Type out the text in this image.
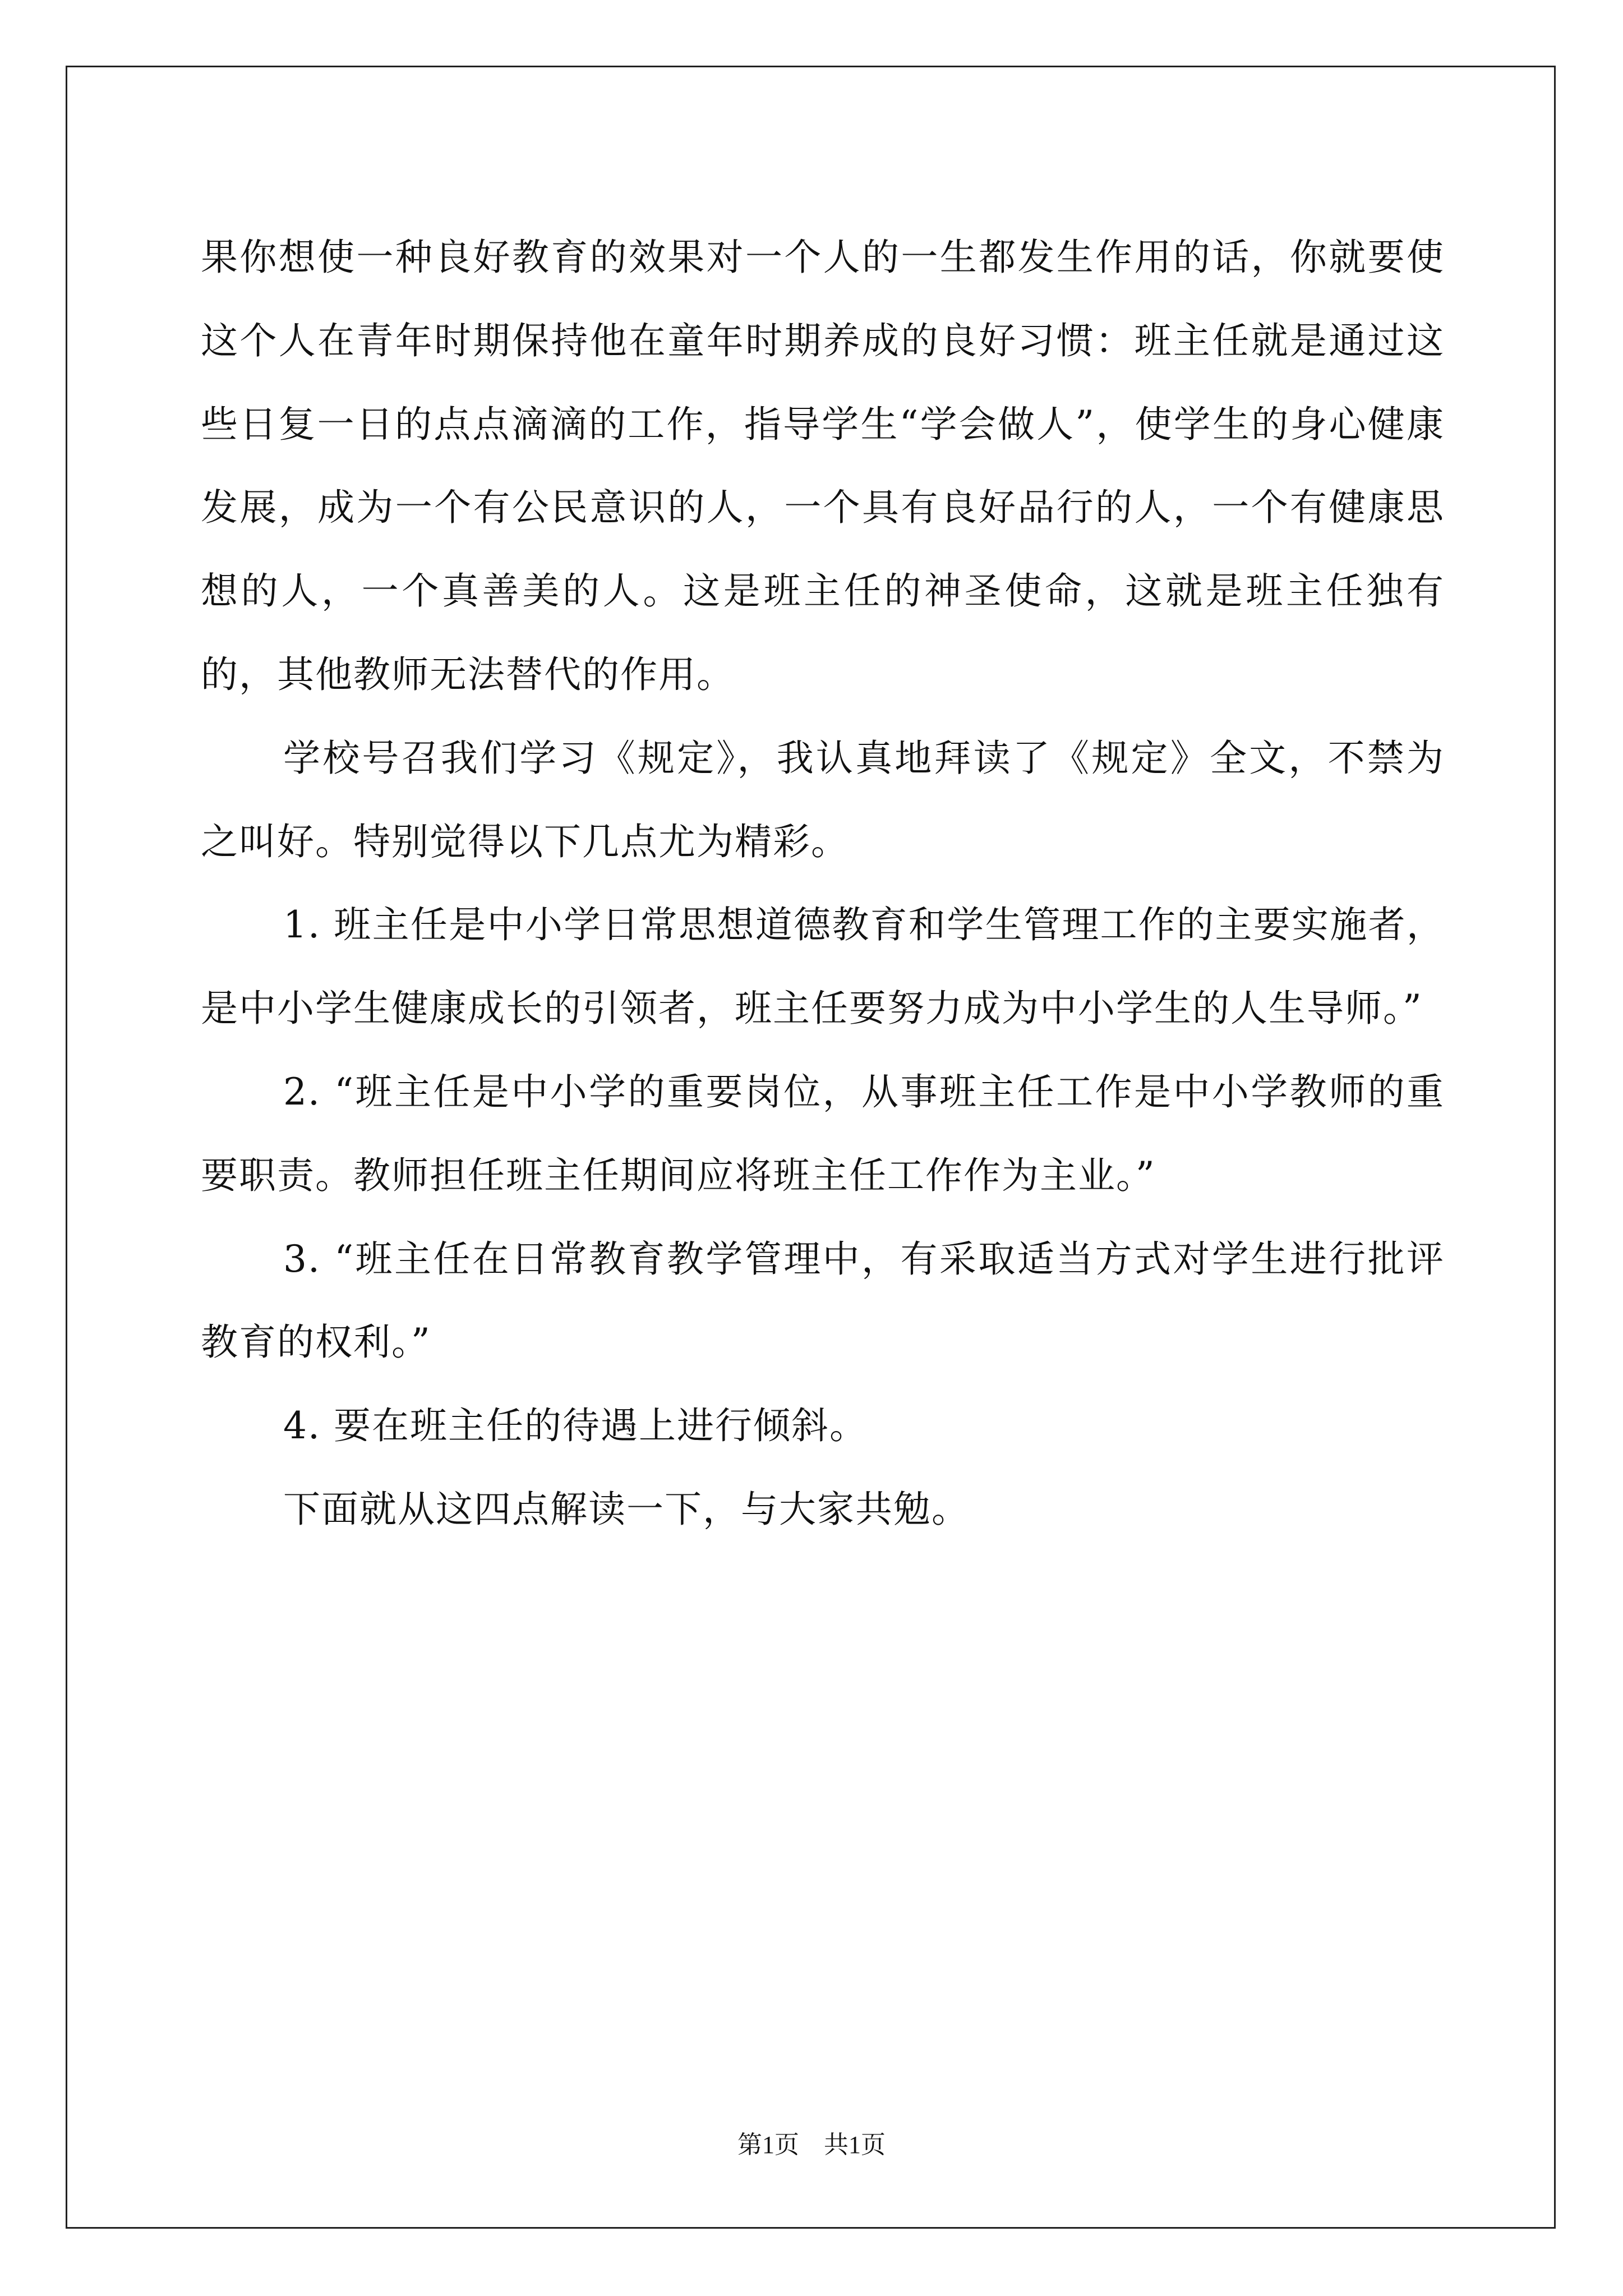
果你想使一种良好教育的效果对一个人的一生都发生作用的话，你就要使这个人在青年时期保持他在童年时期养成的良好习惯：班主任就是通过这些日复一日的点点滴滴的工作，指导学生“学会做人”，使学生的身心健康发展，成为一个有公民意识的人，一个具有良好品行的人，一个有健康思想的人，一个真善美的人。这是班主任的神圣使命，这就是班主任独有的，其他教师无法替代的作用。

学校号召我们学习《规定》，我认真地拜读了《规定》全文，不禁为之叫好。特别觉得以下几点尤为精彩。

1. 班主任是中小学日常思想道德教育和学生管理工作的主要实施者，是中小学生健康成长的引领者，班主任要努力成为中小学生的人生导师。”

2. “班主任是中小学的重要岗位，从事班主任工作是中小学教师的重要职责。教师担任班主任期间应将班主任工作作为主业。”

3. “班主任在日常教育教学管理中，有采取适当方式对学生进行批评教育的权利。”

4. 要在班主任的待遇上进行倾斜。

下面就从这四点解读一下，与大家共勉。

第1页 共1页
